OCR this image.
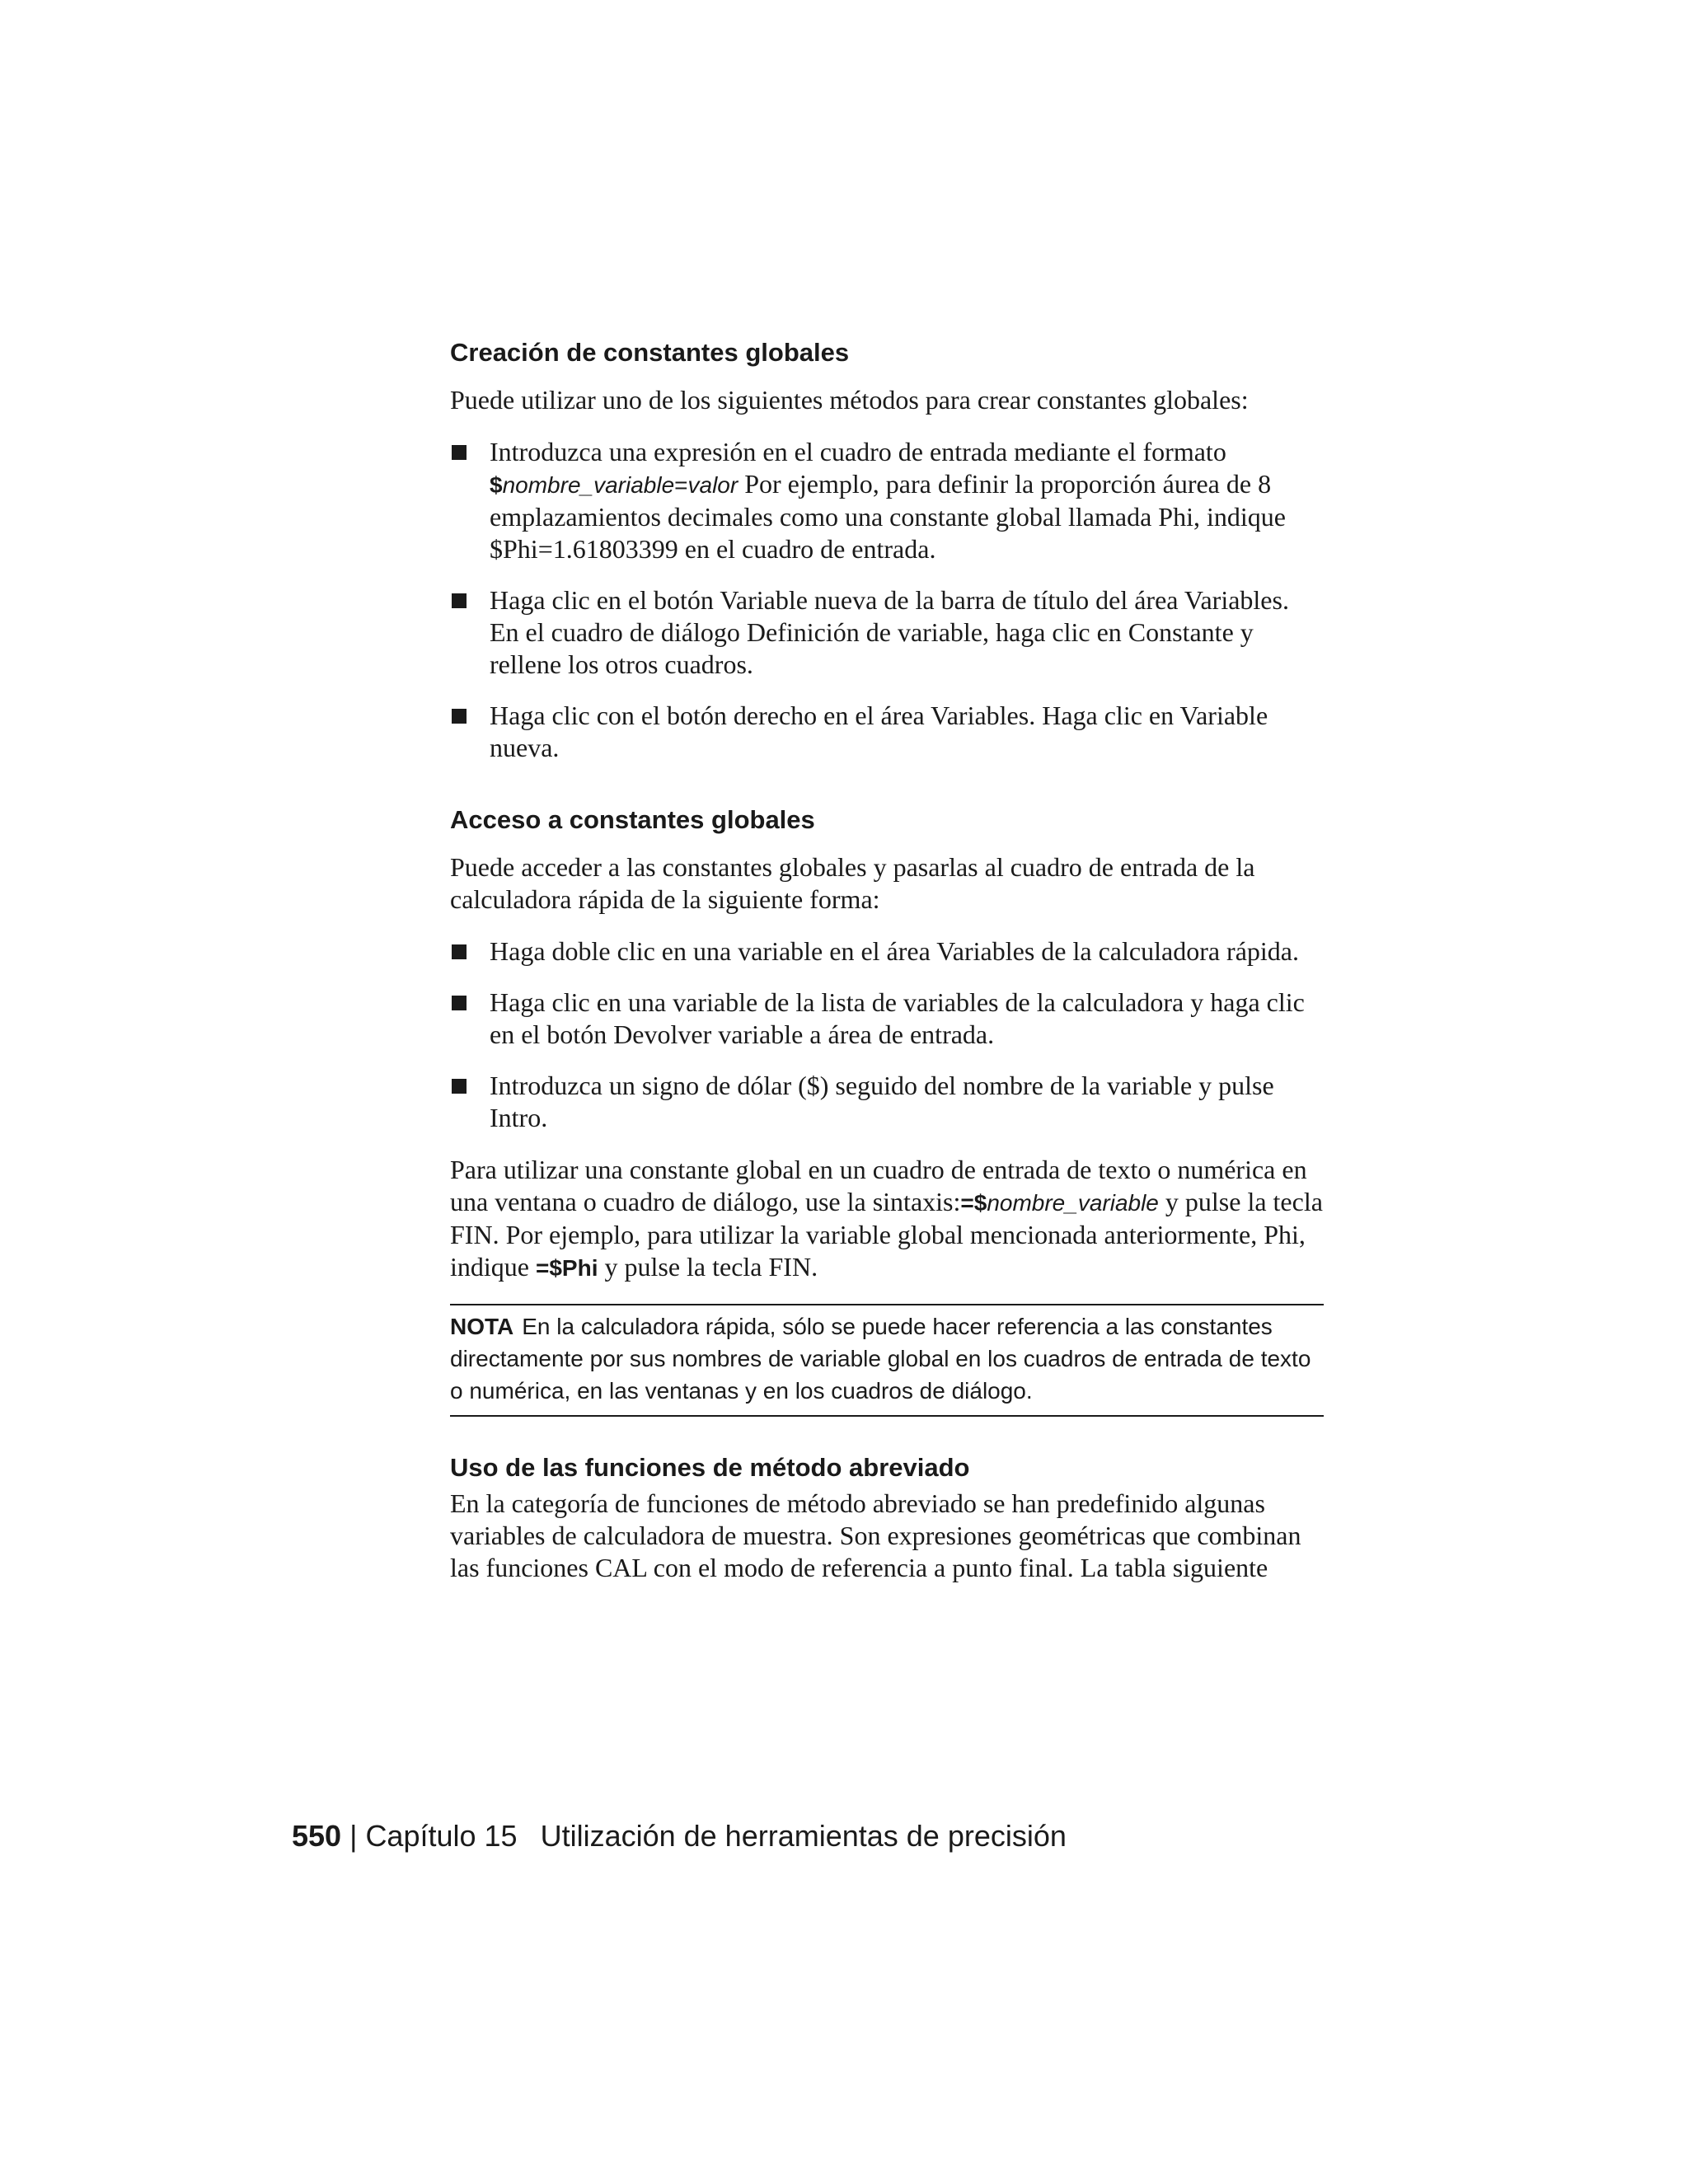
Creación de constantes globales

Puede utilizar uno de los siguientes métodos para crear constantes globales:

Introduzca una expresión en el cuadro de entrada mediante el formato
$nombre_variable=valor Por ejemplo, para definir la proporción áurea de 8 emplazamientos decimales como una constante global llamada Phi, indique $Phi=1.61803399 en el cuadro de entrada.
Haga clic en el botón Variable nueva de la barra de título del área Variables. En el cuadro de diálogo Definición de variable, haga clic en Constante y rellene los otros cuadros.
Haga clic con el botón derecho en el área Variables. Haga clic en Variable nueva.
Acceso a constantes globales

Puede acceder a las constantes globales y pasarlas al cuadro de entrada de la calculadora rápida de la siguiente forma:

Haga doble clic en una variable en el área Variables de la calculadora rápida.
Haga clic en una variable de la lista de variables de la calculadora y haga clic en el botón Devolver variable a área de entrada.
Introduzca un signo de dólar ($) seguido del nombre de la variable y pulse Intro.

Para utilizar una constante global en un cuadro de entrada de texto o numérica en una ventana o cuadro de diálogo, use la sintaxis:=$nombre_variable y pulse la tecla FIN. Por ejemplo, para utilizar la variable global mencionada anteriormente, Phi, indique =$Phi y pulse la tecla FIN.

NOTA En la calculadora rápida, sólo se puede hacer referencia a las constantes directamente por sus nombres de variable global en los cuadros de entrada de texto o numérica, en las ventanas y en los cuadros de diálogo.
Uso de las funciones de método abreviado

En la categoría de funciones de método abreviado se han predefinido algunas variables de calculadora de muestra. Son expresiones geométricas que combinan las funciones CAL con el modo de referencia a punto final. La tabla siguiente

550 | Capítulo 15 Utilización de herramientas de precisión
